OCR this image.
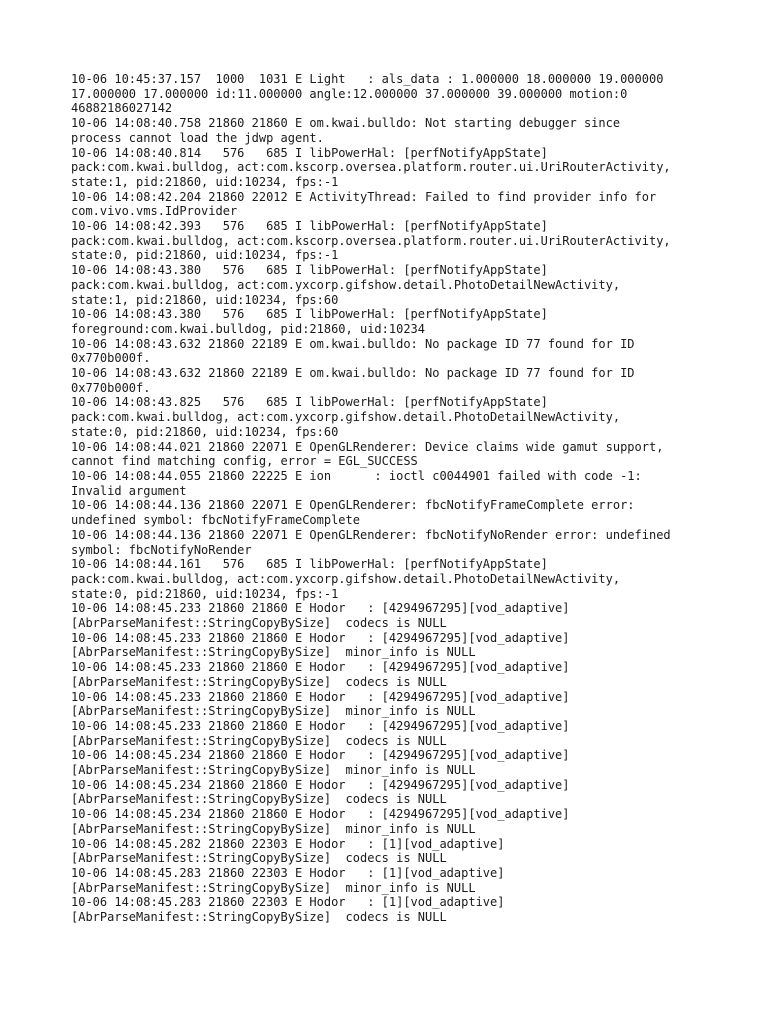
10-06 10:45:37.157  1000  1031 E Light   : als_data : 1.000000 18.000000 19.000000
17.000000 17.000000 id:11.000000 angle:12.000000 37.000000 39.000000 motion:0
46882186027142
10-06 14:08:40.758 21860 21860 E om.kwai.bulldo: Not starting debugger since
process cannot load the jdwp agent.
10-06 14:08:40.814   576   685 I libPowerHal: [perfNotifyAppState]
pack:com.kwai.bulldog, act:com.kscorp.oversea.platform.router.ui.UriRouterActivity,
state:1, pid:21860, uid:10234, fps:-1
10-06 14:08:42.204 21860 22012 E ActivityThread: Failed to find provider info for
com.vivo.vms.IdProvider
10-06 14:08:42.393   576   685 I libPowerHal: [perfNotifyAppState]
pack:com.kwai.bulldog, act:com.kscorp.oversea.platform.router.ui.UriRouterActivity,
state:0, pid:21860, uid:10234, fps:-1
10-06 14:08:43.380   576   685 I libPowerHal: [perfNotifyAppState]
pack:com.kwai.bulldog, act:com.yxcorp.gifshow.detail.PhotoDetailNewActivity,
state:1, pid:21860, uid:10234, fps:60
10-06 14:08:43.380   576   685 I libPowerHal: [perfNotifyAppState]
foreground:com.kwai.bulldog, pid:21860, uid:10234
10-06 14:08:43.632 21860 22189 E om.kwai.bulldo: No package ID 77 found for ID
0x770b000f.
10-06 14:08:43.632 21860 22189 E om.kwai.bulldo: No package ID 77 found for ID
0x770b000f.
10-06 14:08:43.825   576   685 I libPowerHal: [perfNotifyAppState]
pack:com.kwai.bulldog, act:com.yxcorp.gifshow.detail.PhotoDetailNewActivity,
state:0, pid:21860, uid:10234, fps:60
10-06 14:08:44.021 21860 22071 E OpenGLRenderer: Device claims wide gamut support,
cannot find matching config, error = EGL_SUCCESS
10-06 14:08:44.055 21860 22225 E ion      : ioctl c0044901 failed with code -1:
Invalid argument
10-06 14:08:44.136 21860 22071 E OpenGLRenderer: fbcNotifyFrameComplete error:
undefined symbol: fbcNotifyFrameComplete
10-06 14:08:44.136 21860 22071 E OpenGLRenderer: fbcNotifyNoRender error: undefined
symbol: fbcNotifyNoRender
10-06 14:08:44.161   576   685 I libPowerHal: [perfNotifyAppState]
pack:com.kwai.bulldog, act:com.yxcorp.gifshow.detail.PhotoDetailNewActivity,
state:0, pid:21860, uid:10234, fps:-1
10-06 14:08:45.233 21860 21860 E Hodor   : [4294967295][vod_adaptive]
[AbrParseManifest::StringCopyBySize]  codecs is NULL
10-06 14:08:45.233 21860 21860 E Hodor   : [4294967295][vod_adaptive]
[AbrParseManifest::StringCopyBySize]  minor_info is NULL
10-06 14:08:45.233 21860 21860 E Hodor   : [4294967295][vod_adaptive]
[AbrParseManifest::StringCopyBySize]  codecs is NULL
10-06 14:08:45.233 21860 21860 E Hodor   : [4294967295][vod_adaptive]
[AbrParseManifest::StringCopyBySize]  minor_info is NULL
10-06 14:08:45.233 21860 21860 E Hodor   : [4294967295][vod_adaptive]
[AbrParseManifest::StringCopyBySize]  codecs is NULL
10-06 14:08:45.234 21860 21860 E Hodor   : [4294967295][vod_adaptive]
[AbrParseManifest::StringCopyBySize]  minor_info is NULL
10-06 14:08:45.234 21860 21860 E Hodor   : [4294967295][vod_adaptive]
[AbrParseManifest::StringCopyBySize]  codecs is NULL
10-06 14:08:45.234 21860 21860 E Hodor   : [4294967295][vod_adaptive]
[AbrParseManifest::StringCopyBySize]  minor_info is NULL
10-06 14:08:45.282 21860 22303 E Hodor   : [1][vod_adaptive]
[AbrParseManifest::StringCopyBySize]  codecs is NULL
10-06 14:08:45.283 21860 22303 E Hodor   : [1][vod_adaptive]
[AbrParseManifest::StringCopyBySize]  minor_info is NULL
10-06 14:08:45.283 21860 22303 E Hodor   : [1][vod_adaptive]
[AbrParseManifest::StringCopyBySize]  codecs is NULL
